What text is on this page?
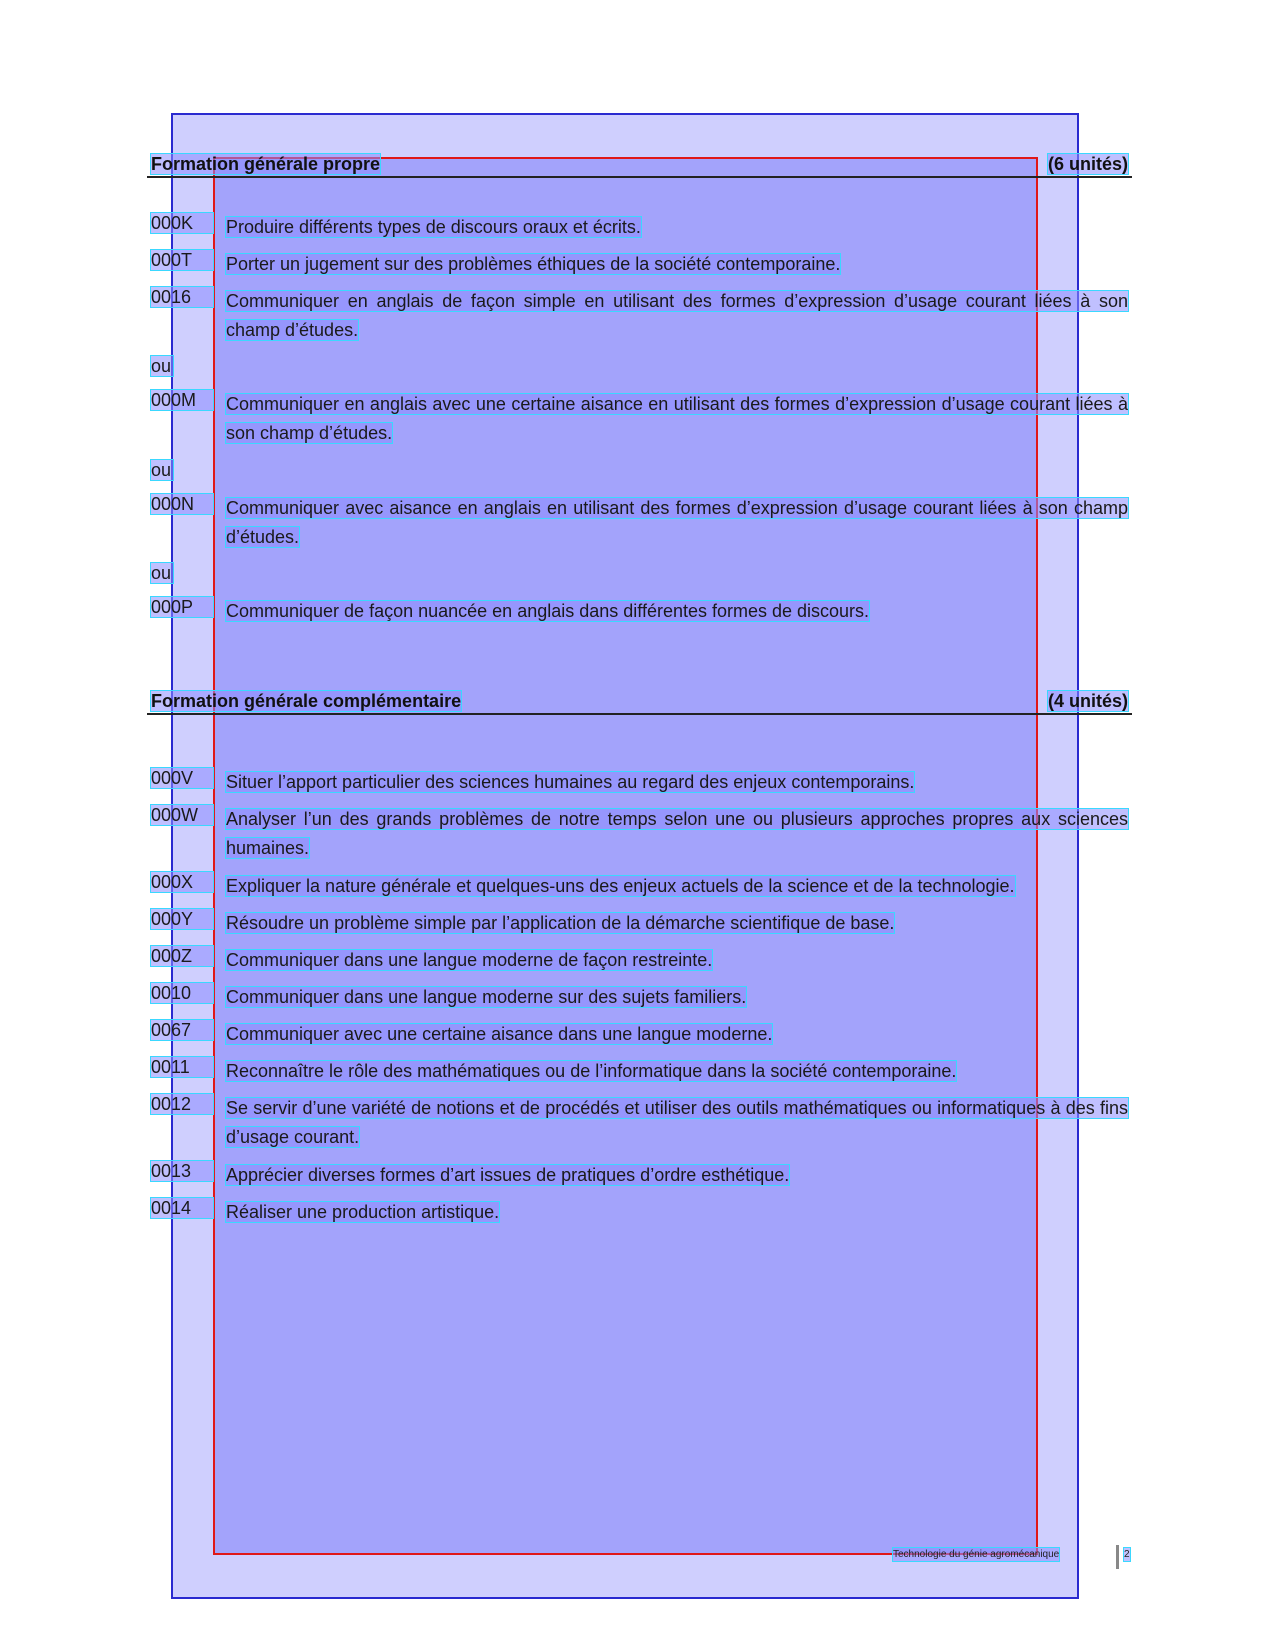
Formation générale propre	(6 unités)
000K	Produire différents types de discours oraux et écrits.
000T	Porter un jugement sur des problèmes éthiques de la société contemporaine.
0016	Communiquer en anglais de façon simple en utilisant des formes d’expression d’usage courant liées à son champ d’études.
ou
000M	Communiquer en anglais avec une certaine aisance en utilisant des formes d’expression d’usage courant liées à son champ d’études.
ou
000N	Communiquer avec aisance en anglais en utilisant des formes d’expression d’usage courant liées à son champ d’études.
ou
000P	Communiquer de façon nuancée en anglais dans différentes formes de discours.
Formation générale complémentaire	(4 unités)
000V	Situer l’apport particulier des sciences humaines au regard des enjeux contemporains.
000W	Analyser l’un des grands problèmes de notre temps selon une ou plusieurs approches propres aux sciences humaines.
000X	Expliquer la nature générale et quelques-uns des enjeux actuels de la science et de la technologie.
000Y	Résoudre un problème simple par l’application de la démarche scientifique de base.
000Z	Communiquer dans une langue moderne de façon restreinte.
0010	Communiquer dans une langue moderne sur des sujets familiers.
0067	Communiquer avec une certaine aisance dans une langue moderne.
0011	Reconnaître le rôle des mathématiques ou de l’informatique dans la société contemporaine.
0012	Se servir d’une variété de notions et de procédés et utiliser des outils mathématiques ou informatiques à des fins d’usage courant.
0013	Apprécier diverses formes d’art issues de pratiques d’ordre esthétique.
0014	Réaliser une production artistique.
Technologie du génie agromécanique	2
